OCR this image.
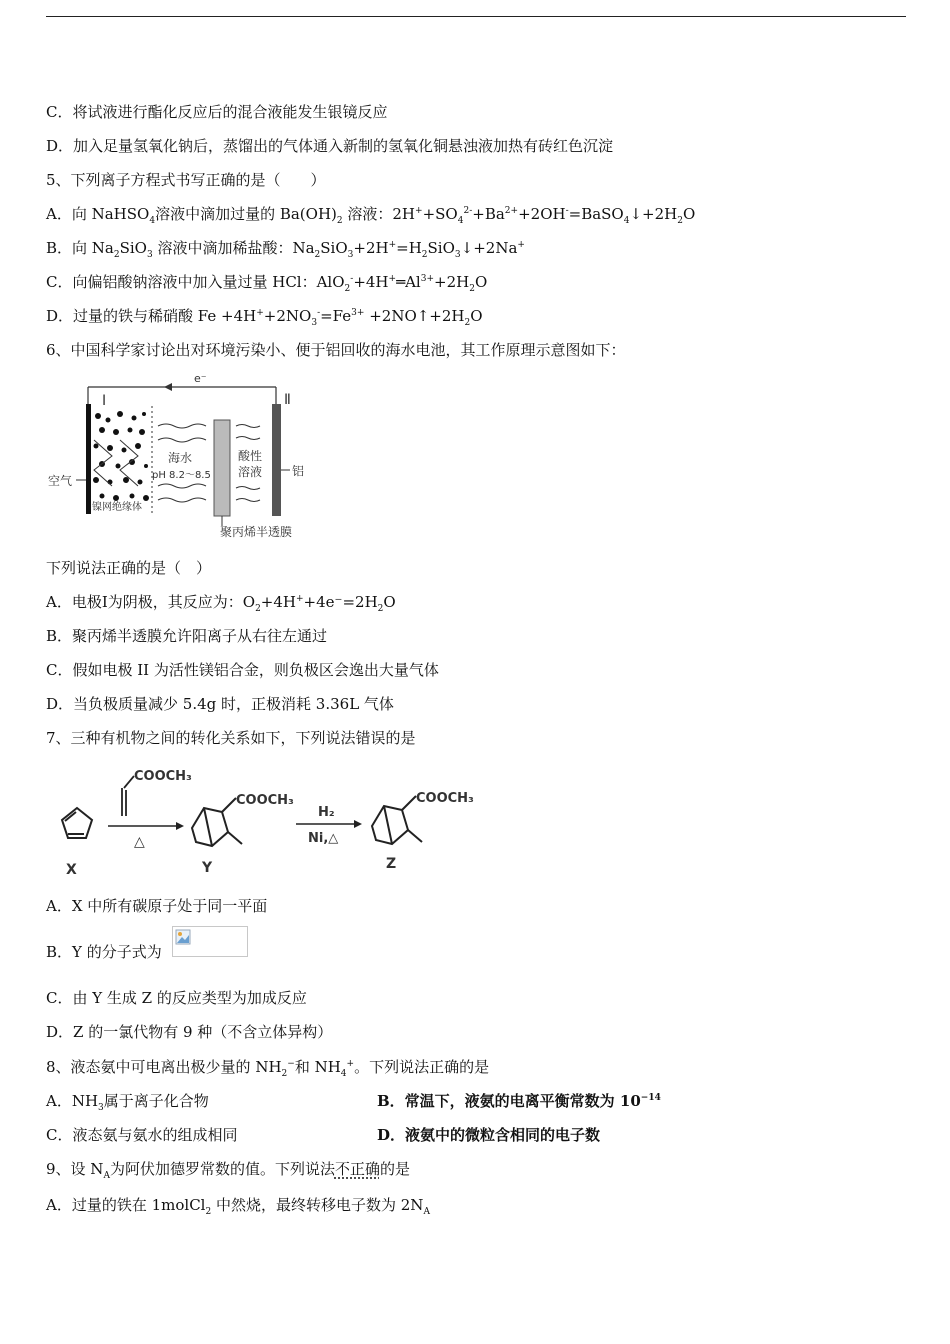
C．将试液进行酯化反应后的混合液能发生银镜反应
D．加入足量氢氧化钠后，蒸馏出的气体通入新制的氢氧化铜悬浊液加热有砖红色沉淀
5、下列离子方程式书写正确的是（　　）
A．向 NaHSO$_4$溶液中滴加过量的 $Ba(OH)_2$ 溶液：$2H^++SO_4^{2-}+Ba^{2+}+2OH^-=BaSO_4↓+2H_2O$
B．向 $Na_2SiO_3$ 溶液中滴加稀盐酸：$Na_2SiO_3+2H^+=H_2SiO_3↓+2Na^+$
C．向偏铝酸钠溶液中加入量过量 HCl：$AlO_2^-+4H^+═Al^{3+}+2H_2O$
D．过量的铁与稀硝酸 $Fe +4H^++2NO_3^-=Fe^{3+}$ $+2NO↑+2H_2O$
6、中国科学家讨论出对环境污染小、便于铝回收的海水电池，其工作原理示意图如下：
e⁻
Ⅰ	Ⅱ
海水
pH 8.2～8.5
酸性
溶液 铝
空气
镍网绝缘体
聚丙烯半透膜
下列说法正确的是（　）
A．电极Ⅰ为阴极，其反应为：$O_2+4H^++4e^-=2H_2O$
B．聚丙烯半透膜允许阳离子从右往左通过
C．假如电极 II 为活性镁铝合金，则负极区会逸出大量气体
D．当负极质量减少 5.4g 时，正极消耗 3.36L 气体
7、三种有机物之间的转化关系如下，下列说法错误的是
X
COOCH₃
△
COOCH₃
Y
H₂
Ni,△
COOCH₃
Z
A．X 中所有碳原子处于同一平面
B．Y 的分子式为
C．由 Y 生成 Z 的反应类型为加成反应
D．Z 的一氯代物有 9 种（不含立体异构）
8、液态氨中可电离出极少量的 $NH_2^-$和 $NH_4^+$。下列说法正确的是
A．$NH_3$属于离子化合物	B．常温下，液氨的电离平衡常数为 $10^{-14}$
C．液态氨与氨水的组成相同	D．液氨中的微粒含相同的电子数
9、设 $N_A$为阿伏加德罗常数的值。下列说法不正确的是
A．过量的铁在 1molCl$_2$ 中然烧，最终转移电子数为 $2N_A$
